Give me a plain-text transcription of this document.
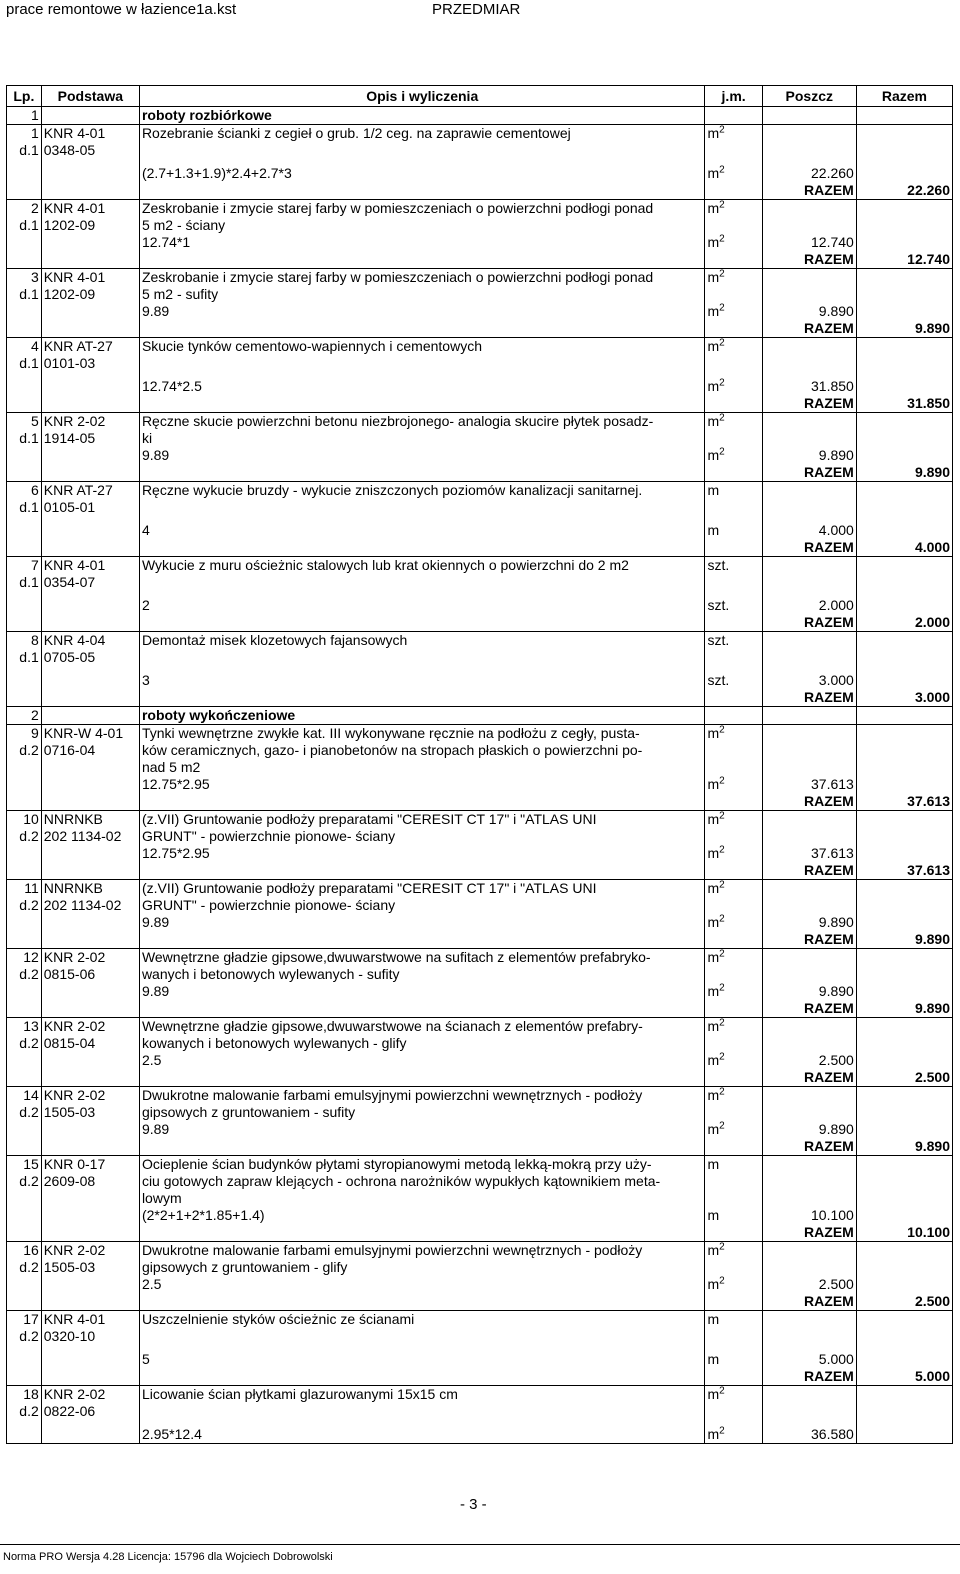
prace remontowe w łazience1a.kst	PRZEDMIAR
Lp.	Podstawa	Opis i wyliczenia	j.m.	Poszcz	Razem
1		roboty rozbiórkowe			
1	KNR 4-01	Rozebranie ścianki z cegieł o grub. 1/2 ceg. na zaprawie cementowej	$m^2$		
d.1	0348-05				

		(2.7+1.3+1.9)*2.4+2.7*3	$m^2$	22.260	
				RAZEM	22.260
2	KNR 4-01	Zeskrobanie i zmycie starej farby w pomieszczeniach o powierzchni podłogi ponad	$m^2$		
d.1	1202-09	5 m2 - ściany			
		12.74*1	$m^2$	12.740	
				RAZEM	12.740
3	KNR 4-01	Zeskrobanie i zmycie starej farby w pomieszczeniach o powierzchni podłogi ponad	$m^2$		
d.1	1202-09	5 m2 - sufity			
		9.89	$m^2$	9.890	
				RAZEM	9.890
4	KNR AT-27	Skucie tynków cementowo-wapiennych i cementowych	$m^2$		
d.1	0101-03				

		12.74*2.5	$m^2$	31.850	
				RAZEM	31.850
5	KNR 2-02	Ręczne skucie powierzchni betonu niezbrojonego- analogia skucire płytek posadz-	$m^2$		
d.1	1914-05	ki			
		9.89	$m^2$	9.890	
				RAZEM	9.890
6	KNR AT-27	Ręczne wykucie bruzdy - wykucie zniszczonych poziomów kanalizacji sanitarnej.	m		
d.1	0105-01				

		4	m	4.000	
				RAZEM	4.000
7	KNR 4-01	Wykucie z muru ościeżnic stalowych lub krat okiennych o powierzchni do 2 m2	szt.		
d.1	0354-07				

		2	szt.	2.000	
				RAZEM	2.000
8	KNR 4-04	Demontaż misek klozetowych fajansowych	szt.		
d.1	0705-05				

		3	szt.	3.000	
				RAZEM	3.000
2		roboty wykończeniowe			
9	KNR-W 4-01	Tynki wewnętrzne zwykłe kat. III wykonywane ręcznie na podłożu z cegły, pusta-	$m^2$		
d.2	0716-04	ków ceramicznych, gazo- i pianobetonów na stropach płaskich o powierzchni po-			
		nad 5 m2			
		12.75*2.95	$m^2$	37.613	
				RAZEM	37.613
10	NNRNKB	(z.VII) Gruntowanie podłoży preparatami "CERESIT CT 17" i "ATLAS UNI	$m^2$		
d.2	202 1134-02	GRUNT" - powierzchnie pionowe- ściany			
		12.75*2.95	$m^2$	37.613	
				RAZEM	37.613
11	NNRNKB	(z.VII) Gruntowanie podłoży preparatami "CERESIT CT 17" i "ATLAS UNI	$m^2$		
d.2	202 1134-02	GRUNT" - powierzchnie pionowe- ściany			
		9.89	$m^2$	9.890	
				RAZEM	9.890
12	KNR 2-02	Wewnętrzne gładzie gipsowe,dwuwarstwowe na sufitach z elementów prefabryko-	$m^2$		
d.2	0815-06	wanych i betonowych wylewanych - sufity			
		9.89	$m^2$	9.890	
				RAZEM	9.890
13	KNR 2-02	Wewnętrzne gładzie gipsowe,dwuwarstwowe na ścianach z elementów prefabry-	$m^2$		
d.2	0815-04	kowanych i betonowych wylewanych - glify			
		2.5	$m^2$	2.500	
				RAZEM	2.500
14	KNR 2-02	Dwukrotne malowanie farbami emulsyjnymi powierzchni wewnętrznych - podłoży	$m^2$		
d.2	1505-03	gipsowych z gruntowaniem - sufity			
		9.89	$m^2$	9.890	
				RAZEM	9.890
15	KNR 0-17	Ocieplenie ścian budynków płytami styropianowymi metodą lekką-mokrą przy uży-	m		
d.2	2609-08	ciu gotowych zapraw klejących - ochrona narożników wypukłych kątownikiem meta-			
		lowym			
		(2*2+1+2*1.85+1.4)	m	10.100	
				RAZEM	10.100
16	KNR 2-02	Dwukrotne malowanie farbami emulsyjnymi powierzchni wewnętrznych - podłoży	$m^2$		
d.2	1505-03	gipsowych z gruntowaniem - glify			
		2.5	$m^2$	2.500	
				RAZEM	2.500
17	KNR 4-01	Uszczelnienie styków ościeżnic ze ścianami	m		
d.2	0320-10				

		5	m	5.000	
				RAZEM	5.000
18	KNR 2-02	Licowanie ścian płytkami glazurowanymi 15x15 cm	$m^2$		
d.2	0822-06				

		2.95*12.4	$m^2$	36.580	
- 3 -
Norma PRO Wersja 4.28 Licencja: 15796 dla Wojciech Dobrowolski
